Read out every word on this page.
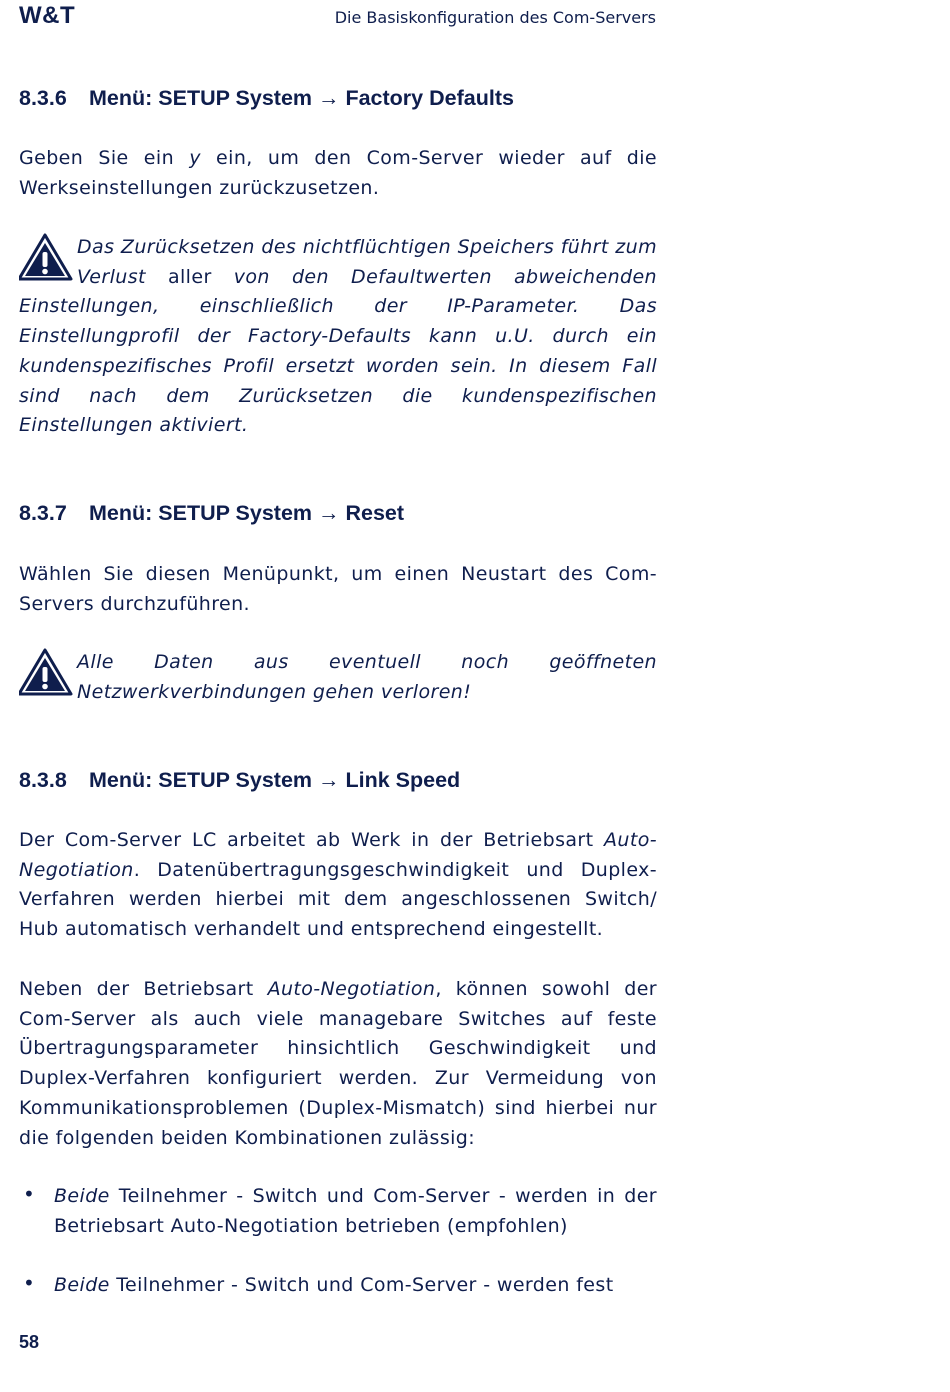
W&T	Die Basiskonfiguration des Com-Servers
8.3.6 Menü: SETUP System → Factory Defaults

Geben Sie ein y ein, um den Com-Server wieder auf die Werkseinstellungen zurückzusetzen.

Das Zurücksetzen des nichtflüchtigen Speichers führt zum Verlust aller von den Defaultwerten abweichenden Einstellungen, einschließlich der IP-Parameter. Das Einstellungprofil der Factory-Defaults kann u.U. durch ein kundenspezifisches Profil ersetzt worden sein. In diesem Fall sind nach dem Zurücksetzen die kundenspezifischen Einstellungen aktiviert.

8.3.7 Menü: SETUP System → Reset

Wählen Sie diesen Menüpunkt, um einen Neustart des Com-Servers durchzuführen.

Alle Daten aus eventuell noch geöffneten Netzwerkverbindungen gehen verloren!

8.3.8 Menü: SETUP System → Link Speed

Der Com-Server LC arbeitet ab Werk in der Betriebsart Auto-Negotiation. Datenübertragungsgeschwindigkeit und Duplex-Verfahren werden hierbei mit dem angeschlossenen Switch/ Hub automatisch verhandelt und entsprechend eingestellt.

Neben der Betriebsart Auto-Negotiation, können sowohl der Com-Server als auch viele managebare Switches auf feste Übertragungsparameter hinsichtlich Geschwindigkeit und Duplex-Verfahren konfiguriert werden. Zur Vermeidung von Kommunikationsproblemen (Duplex-Mismatch) sind hierbei nur die folgenden beiden Kombinationen zulässig:

• Beide Teilnehmer - Switch und Com-Server - werden in der Betriebsart Auto-Negotiation betrieben (empfohlen)
• Beide Teilnehmer - Switch und Com-Server - werden fest
58
